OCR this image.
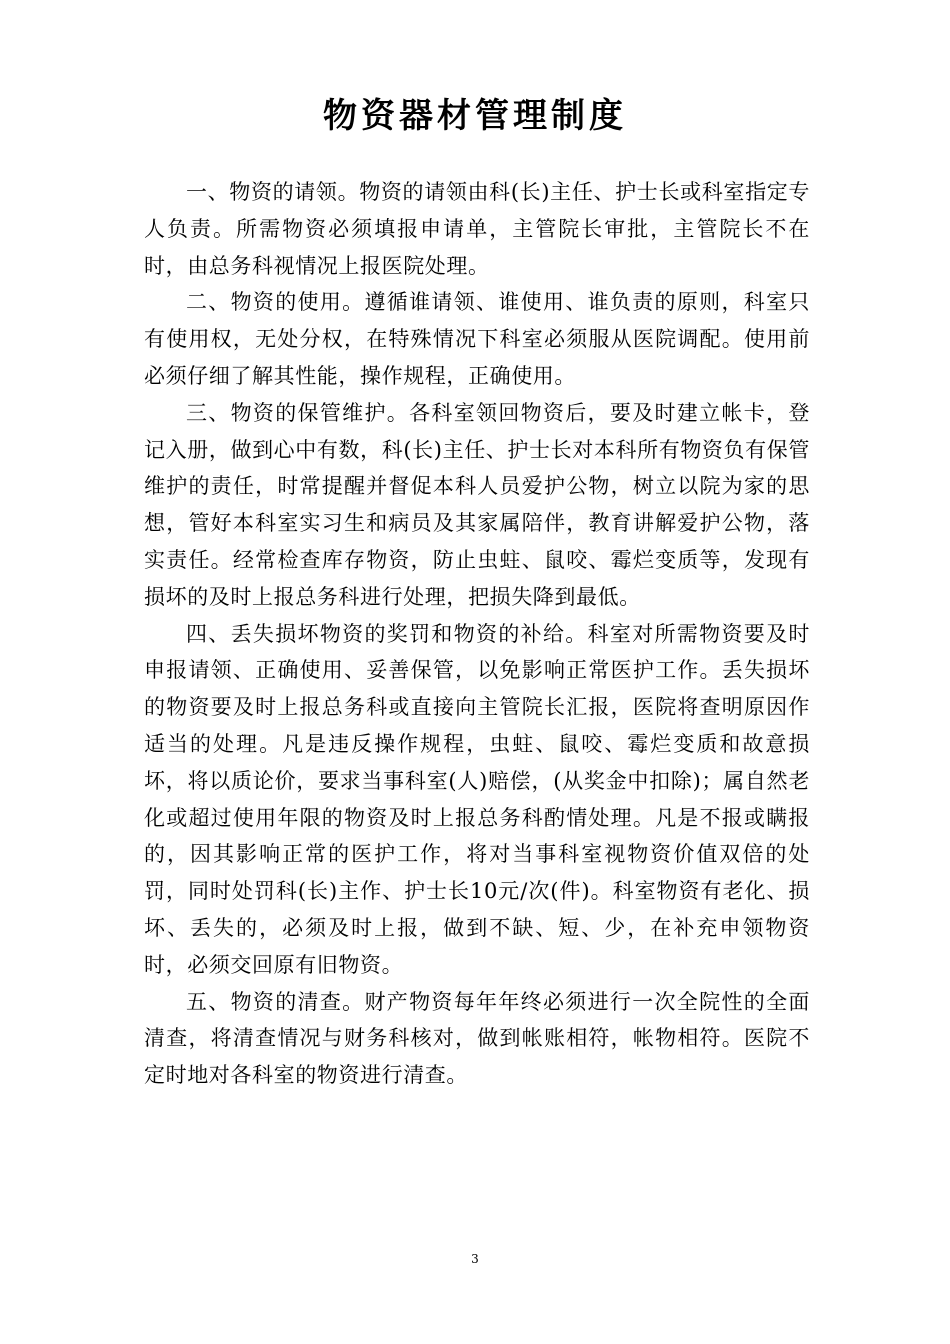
物资器材管理制度

一、物资的请领。物资的请领由科(长)主任、护士长或科室指定专人负责。所需物资必须填报申请单，主管院长审批，主管院长不在时，由总务科视情况上报医院处理。

二、物资的使用。遵循谁请领、谁使用、谁负责的原则，科室只有使用权，无处分权，在特殊情况下科室必须服从医院调配。使用前必须仔细了解其性能，操作规程，正确使用。

三、物资的保管维护。各科室领回物资后，要及时建立帐卡，登记入册，做到心中有数，科(长)主任、护士长对本科所有物资负有保管维护的责任，时常提醒并督促本科人员爱护公物，树立以院为家的思想，管好本科室实习生和病员及其家属陪伴，教育讲解爱护公物，落实责任。经常检查库存物资，防止虫蛀、鼠咬、霉烂变质等，发现有损坏的及时上报总务科进行处理，把损失降到最低。

四、丢失损坏物资的奖罚和物资的补给。科室对所需物资要及时申报请领、正确使用、妥善保管，以免影响正常医护工作。丢失损坏的物资要及时上报总务科或直接向主管院长汇报，医院将查明原因作适当的处理。凡是违反操作规程，虫蛀、鼠咬、霉烂变质和故意损坏，将以质论价，要求当事科室(人)赔偿，(从奖金中扣除)；属自然老化或超过使用年限的物资及时上报总务科酌情处理。凡是不报或瞒报的，因其影响正常的医护工作，将对当事科室视物资价值双倍的处罚，同时处罚科(长)主作、护士长10元/次(件)。科室物资有老化、损坏、丢失的，必须及时上报，做到不缺、短、少，在补充申领物资时，必须交回原有旧物资。

五、物资的清查。财产物资每年年终必须进行一次全院性的全面清查，将清查情况与财务科核对，做到帐账相符，帐物相符。医院不定时地对各科室的物资进行清查。

3
